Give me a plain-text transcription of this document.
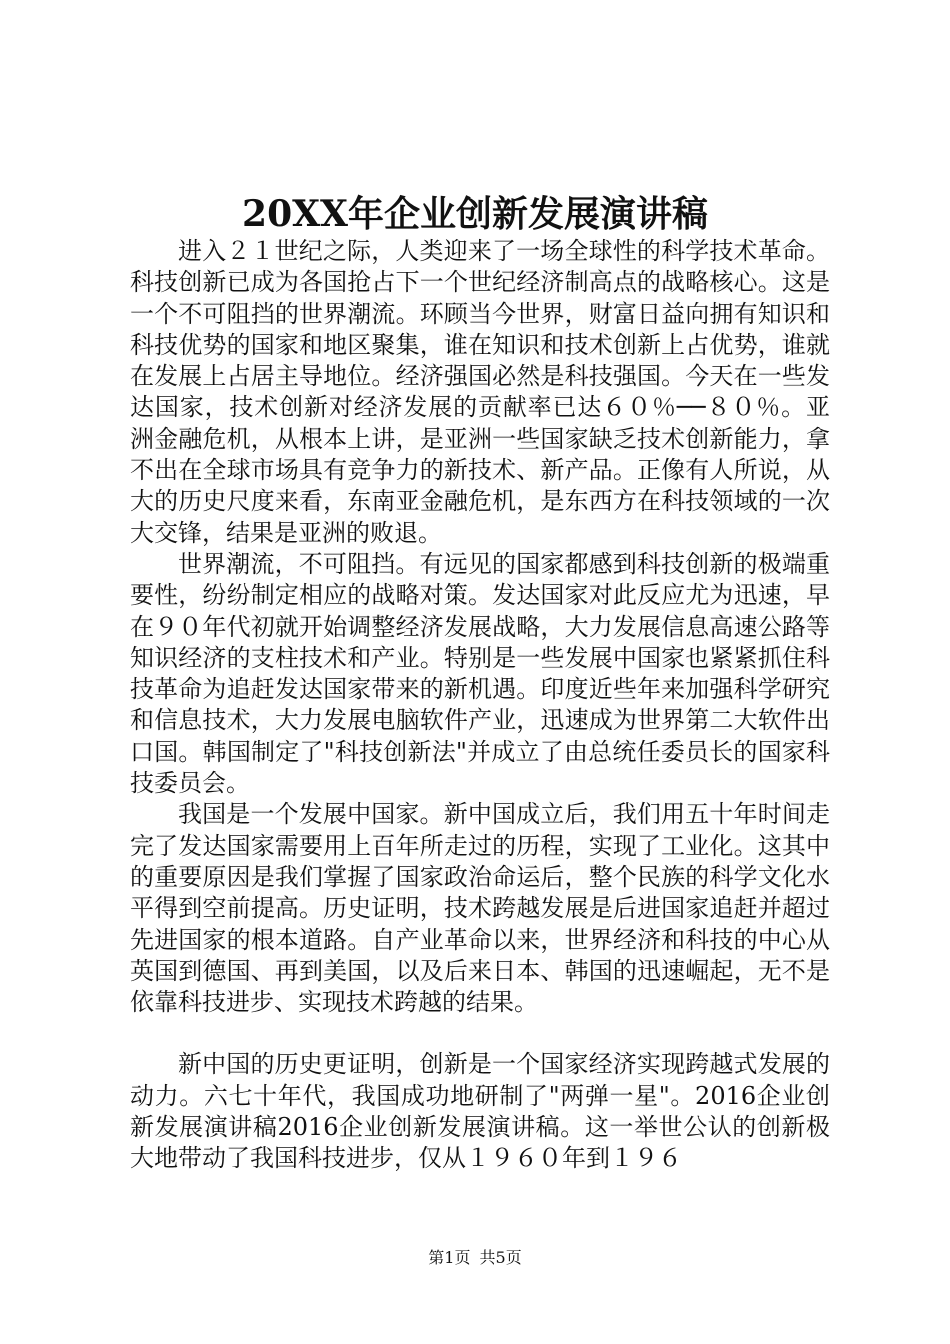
20XX年企业创新发展演讲稿

进入２１世纪之际，人类迎来了一场全球性的科学技术革命。科技创新已成为各国抢占下一个世纪经济制高点的战略核心。这是一个不可阻挡的世界潮流。环顾当今世界，财富日益向拥有知识和科技优势的国家和地区聚集，谁在知识和技术创新上占优势，谁就在发展上占居主导地位。经济强国必然是科技强国。今天在一些发达国家，技术创新对经济发展的贡献率已达６０％──８０％。亚洲金融危机，从根本上讲，是亚洲一些国家缺乏技术创新能力，拿不出在全球市场具有竞争力的新技术、新产品。正像有人所说，从大的历史尺度来看，东南亚金融危机，是东西方在科技领域的一次大交锋，结果是亚洲的败退。

世界潮流，不可阻挡。有远见的国家都感到科技创新的极端重要性，纷纷制定相应的战略对策。发达国家对此反应尤为迅速，早在９０年代初就开始调整经济发展战略，大力发展信息高速公路等知识经济的支柱技术和产业。特别是一些发展中国家也紧紧抓住科技革命为追赶发达国家带来的新机遇。印度近些年来加强科学研究和信息技术，大力发展电脑软件产业，迅速成为世界第二大软件出口国。韩国制定了"科技创新法"并成立了由总统任委员长的国家科技委员会。

我国是一个发展中国家。新中国成立后，我们用五十年时间走完了发达国家需要用上百年所走过的历程，实现了工业化。这其中的重要原因是我们掌握了国家政治命运后，整个民族的科学文化水平得到空前提高。历史证明，技术跨越发展是后进国家追赶并超过先进国家的根本道路。自产业革命以来，世界经济和科技的中心从英国到德国、再到美国，以及后来日本、韩国的迅速崛起，无不是依靠科技进步、实现技术跨越的结果。

新中国的历史更证明，创新是一个国家经济实现跨越式发展的动力。六七十年代，我国成功地研制了"两弹一星"。2016企业创新发展演讲稿2016企业创新发展演讲稿。这一举世公认的创新极大地带动了我国科技进步，仅从１９６０年到１９６

第1页 共5页
